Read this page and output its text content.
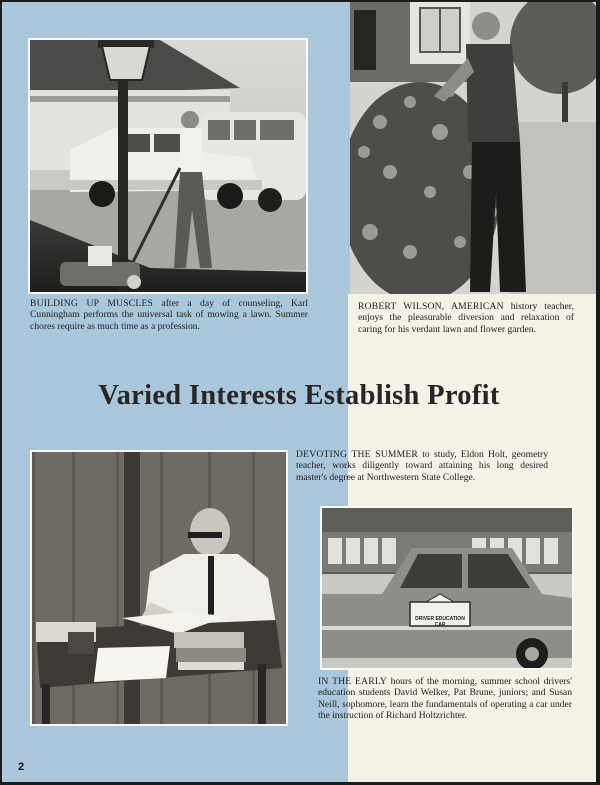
BUILDING UP MUSCLES after a day of counseling, Karl Cunningham performs the universal task of mowing a lawn. Summer chores require as much time as a profession.

ROBERT WILSON, AMERICAN history teacher, enjoys the pleasurable diversion and relaxation of caring for his verdant lawn and flower garden.

Varied Interests Establish Profit

DEVOTING THE SUMMER to study, Eldon Holt, geometry teacher, works diligently toward attaining his long desired master's degree at Northwestern State College.

DRIVER EDUCATION CAR

IN THE EARLY hours of the morning, summer school drivers' education students David Welker, Pat Brune, juniors; and Susan Neill, sophomore, learn the fundamentals of operating a car under the instruction of Richard Holtzrichter.

2
